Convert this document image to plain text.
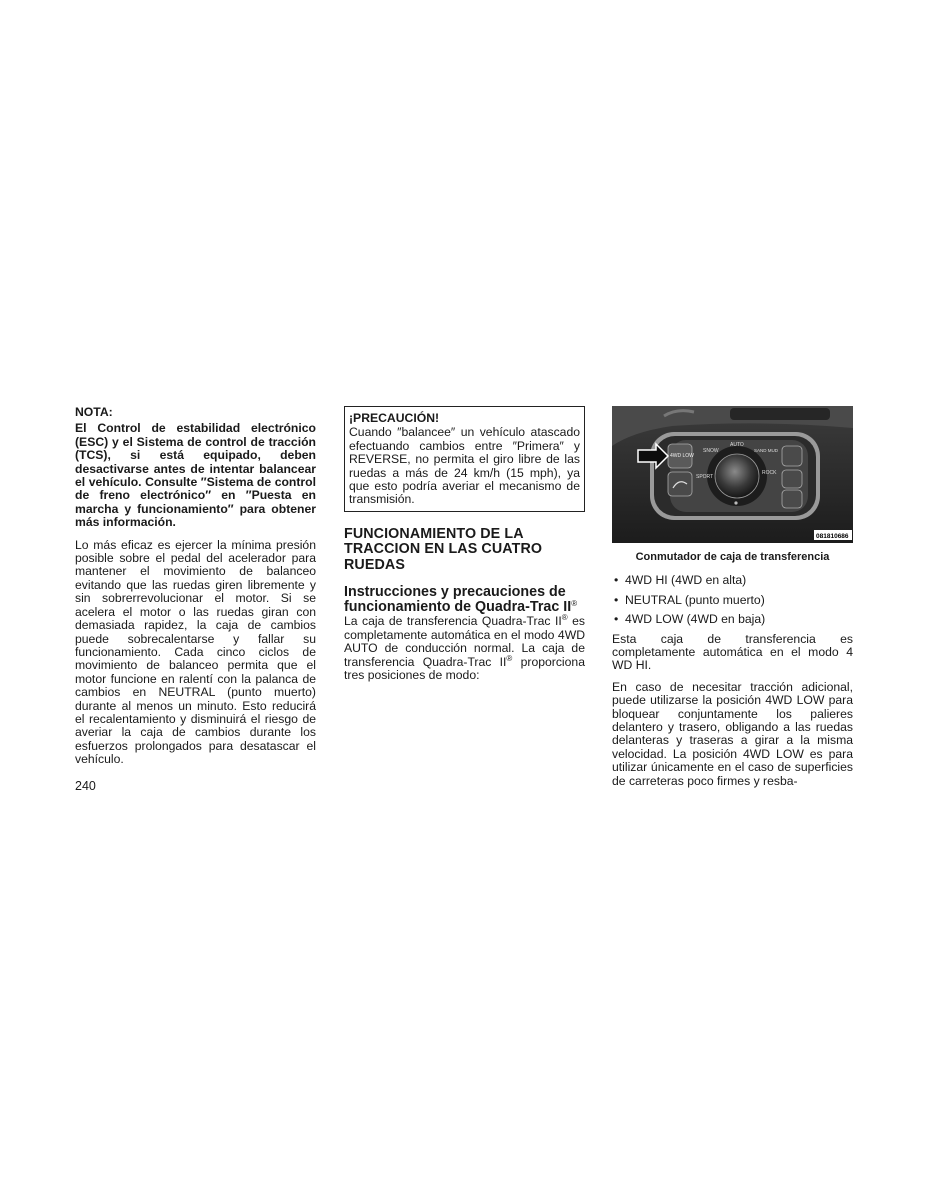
NOTA:

El Control de estabilidad electrónico (ESC) y el Sistema de control de tracción (TCS), si está equipado, deben desactivarse antes de intentar balancear el vehículo. Consulte ″Sistema de control de freno electrónico″ en ″Puesta en marcha y funcionamiento″ para obtener más información.

Lo más eficaz es ejercer la mínima presión posible sobre el pedal del acelerador para mantener el movimiento de balanceo evitando que las ruedas giren libremente y sin sobrerrevolucionar el motor. Si se acelera el motor o las ruedas giran con demasiada rapidez, la caja de cambios puede sobrecalentarse y fallar su funcionamiento. Cada cinco ciclos de movimiento de balanceo permita que el motor funcione en ralentí con la palanca de cambios en NEUTRAL (punto muerto) durante al menos un minuto. Esto reducirá el recalentamiento y disminuirá el riesgo de averiar la caja de cambios durante los esfuerzos prolongados para desatascar el vehículo.

¡PRECAUCIÓN!

Cuando ″balancee″ un vehículo atascado efectuando cambios entre ″Primera″ y REVERSE, no permita el giro libre de las ruedas a más de 24 km/h (15 mph), ya que esto podría averiar el mecanismo de transmisión.

FUNCIONAMIENTO DE LA TRACCION EN LAS CUATRO RUEDAS
Instrucciones y precauciones de funcionamiento de Quadra-Trac II®

La caja de transferencia Quadra-Trac II® es completamente automática en el modo 4WD AUTO de conducción normal. La caja de transferencia Quadra-Trac II® proporciona tres posiciones de modo:

AUTO
SNOW	SAND MUD
SPORT
ROCK
4WD LOW
081810686
Conmutador de caja de transferencia
• 4WD HI (4WD en alta)
• NEUTRAL (punto muerto)
• 4WD LOW (4WD en baja)

Esta caja de transferencia es completamente automática en el modo 4 WD HI.

En caso de necesitar tracción adicional, puede utilizarse la posición 4WD LOW para bloquear conjuntamente los palieres delantero y trasero, obligando a las ruedas delanteras y traseras a girar a la misma velocidad. La posición 4WD LOW es para utilizar únicamente en el caso de superficies de carreteras poco firmes y resba-

240
